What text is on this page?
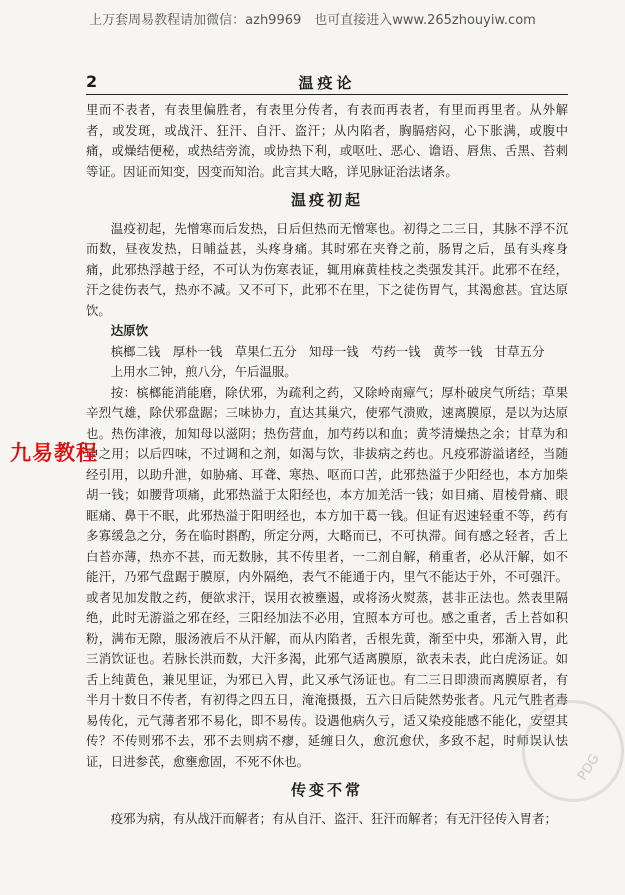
上万套周易教程请加微信：azh9969　也可直接进入www.265zhouyiw.com
2	温疫论

里而不表者，有表里偏胜者，有表里分传者，有表而再表者，有里而再里者。从外解者，或发斑，或战汗、狂汗、自汗、盗汗；从内陷者，胸膈痞闷，心下胀满，或腹中痛，或燥结便秘，或热结旁流，或协热下利，或呕吐、恶心、谵语、唇焦、舌黑、苔刺等证。因证而知变，因变而知治。此言其大略，详见脉证治法诸条。

温疫初起

温疫初起，先憎寒而后发热，日后但热而无憎寒也。初得之二三日，其脉不浮不沉而数，昼夜发热，日晡益甚，头疼身痛。其时邪在夹脊之前，肠胃之后，虽有头疼身痛，此邪热浮越于经，不可认为伤寒表证，辄用麻黄桂枝之类强发其汗。此邪不在经，汗之徒伤表气，热亦不减。又不可下，此邪不在里，下之徒伤胃气，其渴愈甚。宜达原饮。

达原饮

槟榔二钱　厚朴一钱　草果仁五分　知母一钱　芍药一钱　黄芩一钱　甘草五分

上用水二钟，煎八分，午后温服。

按：槟榔能消能磨，除伏邪，为疏利之药，又除岭南瘴气；厚朴破戾气所结；草果辛烈气雄，除伏邪盘踞；三味协力，直达其巢穴，使邪气溃败，速离膜原，是以为达原也。热伤津液，加知母以滋阴；热伤营血，加芍药以和血；黄芩清燥热之余；甘草为和中之用；以后四味，不过调和之剂，如渴与饮，非拔病之药也。凡疫邪游溢诸经，当随经引用，以助升泄，如胁痛、耳聋、寒热、呕而口苦，此邪热溢于少阳经也，本方加柴胡一钱；如腰背项痛，此邪热溢于太阳经也，本方加羌活一钱；如目痛、眉棱骨痛、眼眶痛、鼻干不眠，此邪热溢于阳明经也，本方加干葛一钱。但证有迟速轻重不等，药有多寡缓急之分，务在临时斟酌，所定分两，大略而已，不可执滞。间有感之轻者，舌上白苔亦薄，热亦不甚，而无数脉，其不传里者，一二剂自解，稍重者，必从汗解，如不能汗，乃邪气盘踞于膜原，内外隔绝，表气不能通于内，里气不能达于外，不可强汗。或者见加发散之药，便欲求汗，误用衣被壅遏，或将汤火熨蒸，甚非正法也。然表里隔绝，此时无游溢之邪在经，三阳经加法不必用，宜照本方可也。感之重者，舌上苔如积粉，满布无隙，服汤液后不从汗解，而从内陷者，舌根先黄，渐至中央，邪渐入胃，此三消饮证也。若脉长洪而数，大汗多渴，此邪气适离膜原，欲表未表，此白虎汤证。如舌上纯黄色，兼见里证，为邪已入胃，此又承气汤证也。有二三日即溃而离膜原者，有半月十数日不传者，有初得之四五日，淹淹摄摄，五六日后陡然势张者。凡元气胜者毒易传化，元气薄者邪不易化，即不易传。设遇他病久亏，适又染疫能感不能化，安望其传？不传则邪不去，邪不去则病不瘳，延缠日久，愈沉愈伏，多致不起，时师误认怯证，日进参芪，愈壅愈固，不死不休也。

传变不常

疫邪为病，有从战汗而解者；有从自汗、盗汗、狂汗而解者；有无汗径传入胃者；

九易教程
PDG
